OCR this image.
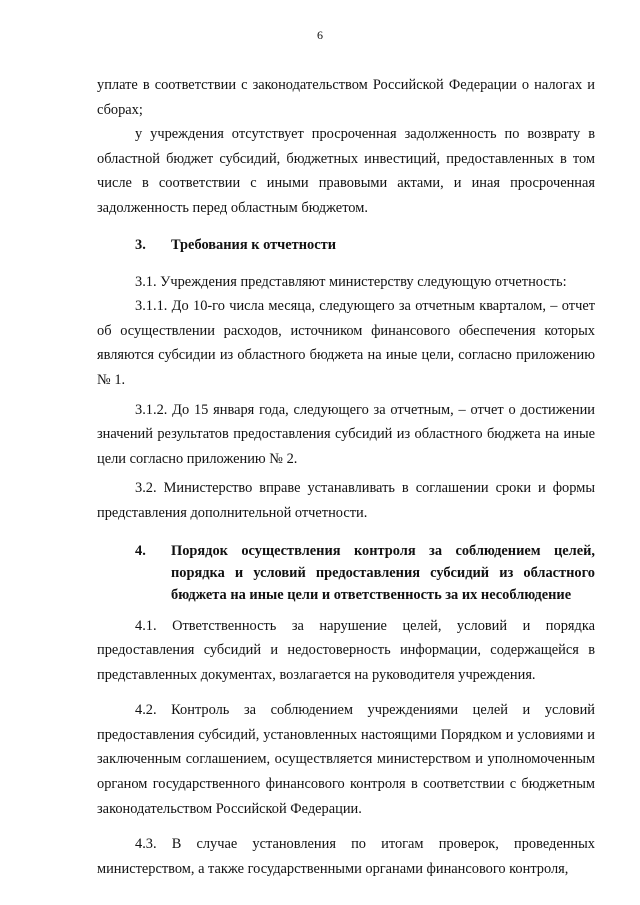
6

уплате в соответствии с законодательством Российской Федерации о налогах и сборах;

у учреждения отсутствует просроченная задолженность по возврату в областной бюджет субсидий, бюджетных инвестиций, предоставленных в том числе в соответствии с иными правовыми актами, и иная просроченная задолженность перед областным бюджетом.

3.	Требования к отчетности

3.1. Учреждения представляют министерству следующую отчетность:

3.1.1. До 10-го числа месяца, следующего за отчетным кварталом, – отчет об осуществлении расходов, источником финансового обеспечения которых являются субсидии из областного бюджета на иные цели, согласно приложению № 1.

3.1.2. До 15 января года, следующего за отчетным, – отчет о достижении значений результатов предоставления субсидий из областного бюджета на иные цели согласно приложению № 2.

3.2. Министерство вправе устанавливать в соглашении сроки и формы представления дополнительной отчетности.

4.	Порядок осуществления контроля за соблюдением целей, порядка и условий предоставления субсидий из областного бюджета на иные цели и ответственность за их несоблюдение

4.1. Ответственность за нарушение целей, условий и порядка предоставления субсидий и недостоверность информации, содержащейся в представленных документах, возлагается на руководителя учреждения.

4.2. Контроль за соблюдением учреждениями целей и условий предоставления субсидий, установленных настоящими Порядком и условиями и заключенным соглашением, осуществляется министерством и уполномоченным органом государственного финансового контроля в соответствии с бюджетным законодательством Российской Федерации.

4.3. В случае установления по итогам проверок, проведенных министерством, а также государственными органами финансового контроля,
